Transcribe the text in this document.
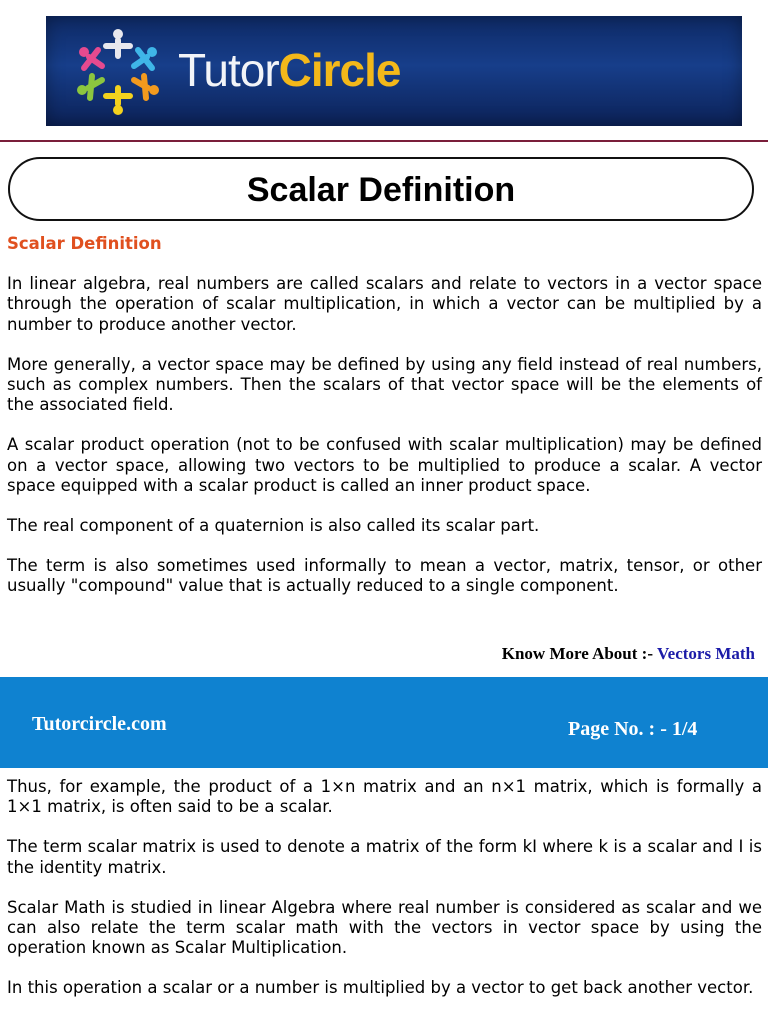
TutorCircle
Scalar Definition
Scalar Definition

In linear algebra, real numbers are called scalars and relate to vectors in a vector space through the operation of scalar multiplication, in which a vector can be multiplied by a number to produce another vector.

More generally, a vector space may be defined by using any field instead of real numbers, such as complex numbers. Then the scalars of that vector space will be the elements of the associated field.

A scalar product operation (not to be confused with scalar multiplication) may be defined on a vector space, allowing two vectors to be multiplied to produce a scalar. A vector space equipped with a scalar product is called an inner product space.

The real component of a quaternion is also called its scalar part.

The term is also sometimes used informally to mean a vector, matrix, tensor, or other usually "compound" value that is actually reduced to a single component.

Know More About :- Vectors Math
Tutorcircle.com	Page No. : - 1/4

Thus, for example, the product of a 1×n matrix and an n×1 matrix, which is formally a 1×1 matrix, is often said to be a scalar.

The term scalar matrix is used to denote a matrix of the form kI where k is a scalar and I is the identity matrix.

Scalar Math is studied in linear Algebra where real number is considered as scalar and we can also relate the term scalar math with the vectors in vector space by using the operation known as Scalar Multiplication.

In this operation a scalar or a number is multiplied by a vector to get back another vector.
